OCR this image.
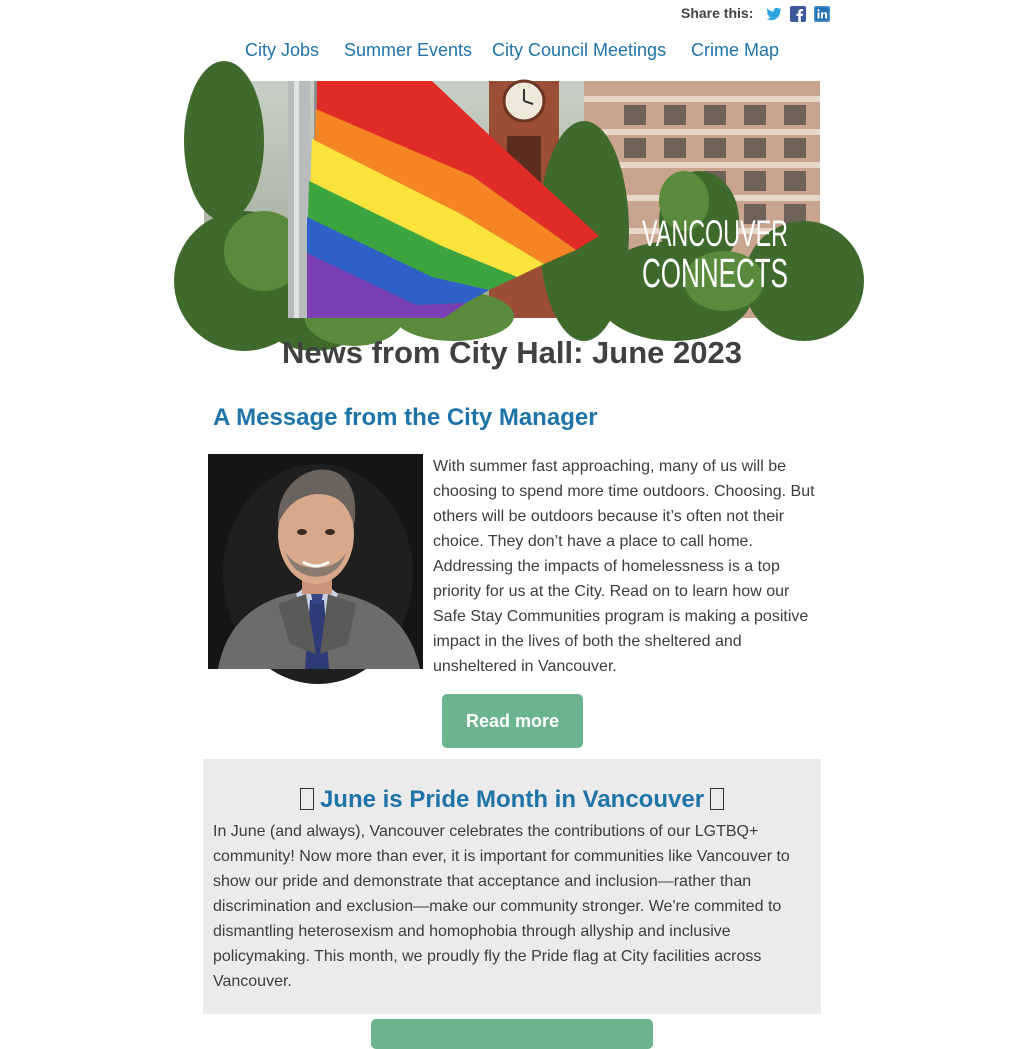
Share this:
City Jobs Summer Events City Council Meetings Crime Map
VANCOUVER
CONNECTS
News from City Hall: June 2023
A Message from the City Manager

With summer fast approaching, many of us will be choosing to spend more time outdoors. Choosing. But others will be outdoors because it’s often not their choice. They don’t have a place to call home. Addressing the impacts of homelessness is a top priority for us at the City. Read on to learn how our Safe Stay Communities program is making a positive impact in the lives of both the sheltered and unsheltered in Vancouver.

Read more
June is Pride Month in Vancouver

In June (and always), Vancouver celebrates the contributions of our LGTBQ+ community! Now more than ever, it is important for communities like Vancouver to show our pride and demonstrate that acceptance and inclusion—rather than discrimination and exclusion—make our community stronger. We're commited to dismantling heterosexism and homophobia through allyship and inclusive policymaking. This month, we proudly fly the Pride flag at City facilities across Vancouver.
